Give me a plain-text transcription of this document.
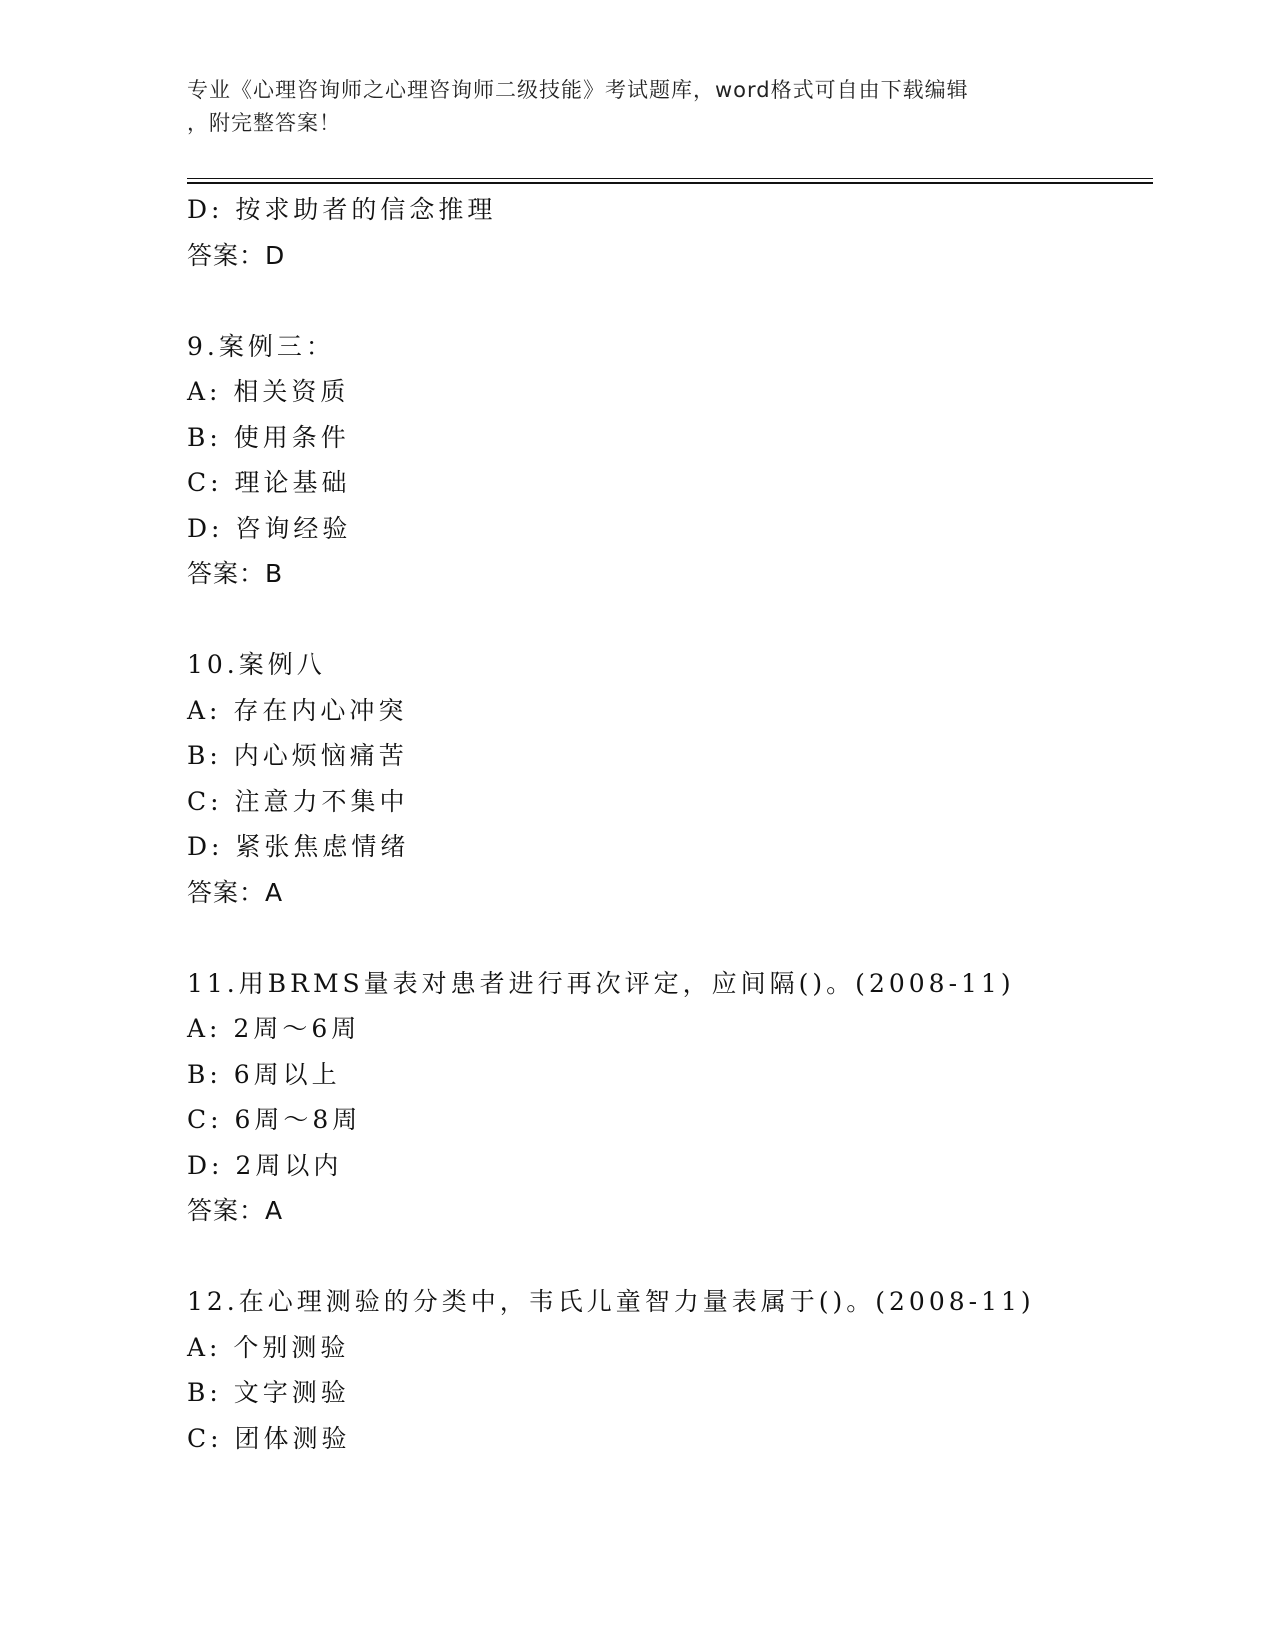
专业《心理咨询师之心理咨询师二级技能》考试题库，word格式可自由下载编辑
，附完整答案！
D: 按求助者的信念推理
答案：D
9.案例三：
A: 相关资质
B: 使用条件
C: 理论基础
D: 咨询经验
答案：B
10.案例八
A: 存在内心冲突
B: 内心烦恼痛苦
C: 注意力不集中
D: 紧张焦虑情绪
答案：A
11.用BRMS量表对患者进行再次评定，应间隔()。(2008-11)
A: 2周～6周
B: 6周以上
C: 6周～8周
D: 2周以内
答案：A
12.在心理测验的分类中，韦氏儿童智力量表属于()。(2008-11)
A: 个别测验
B: 文字测验
C: 团体测验
